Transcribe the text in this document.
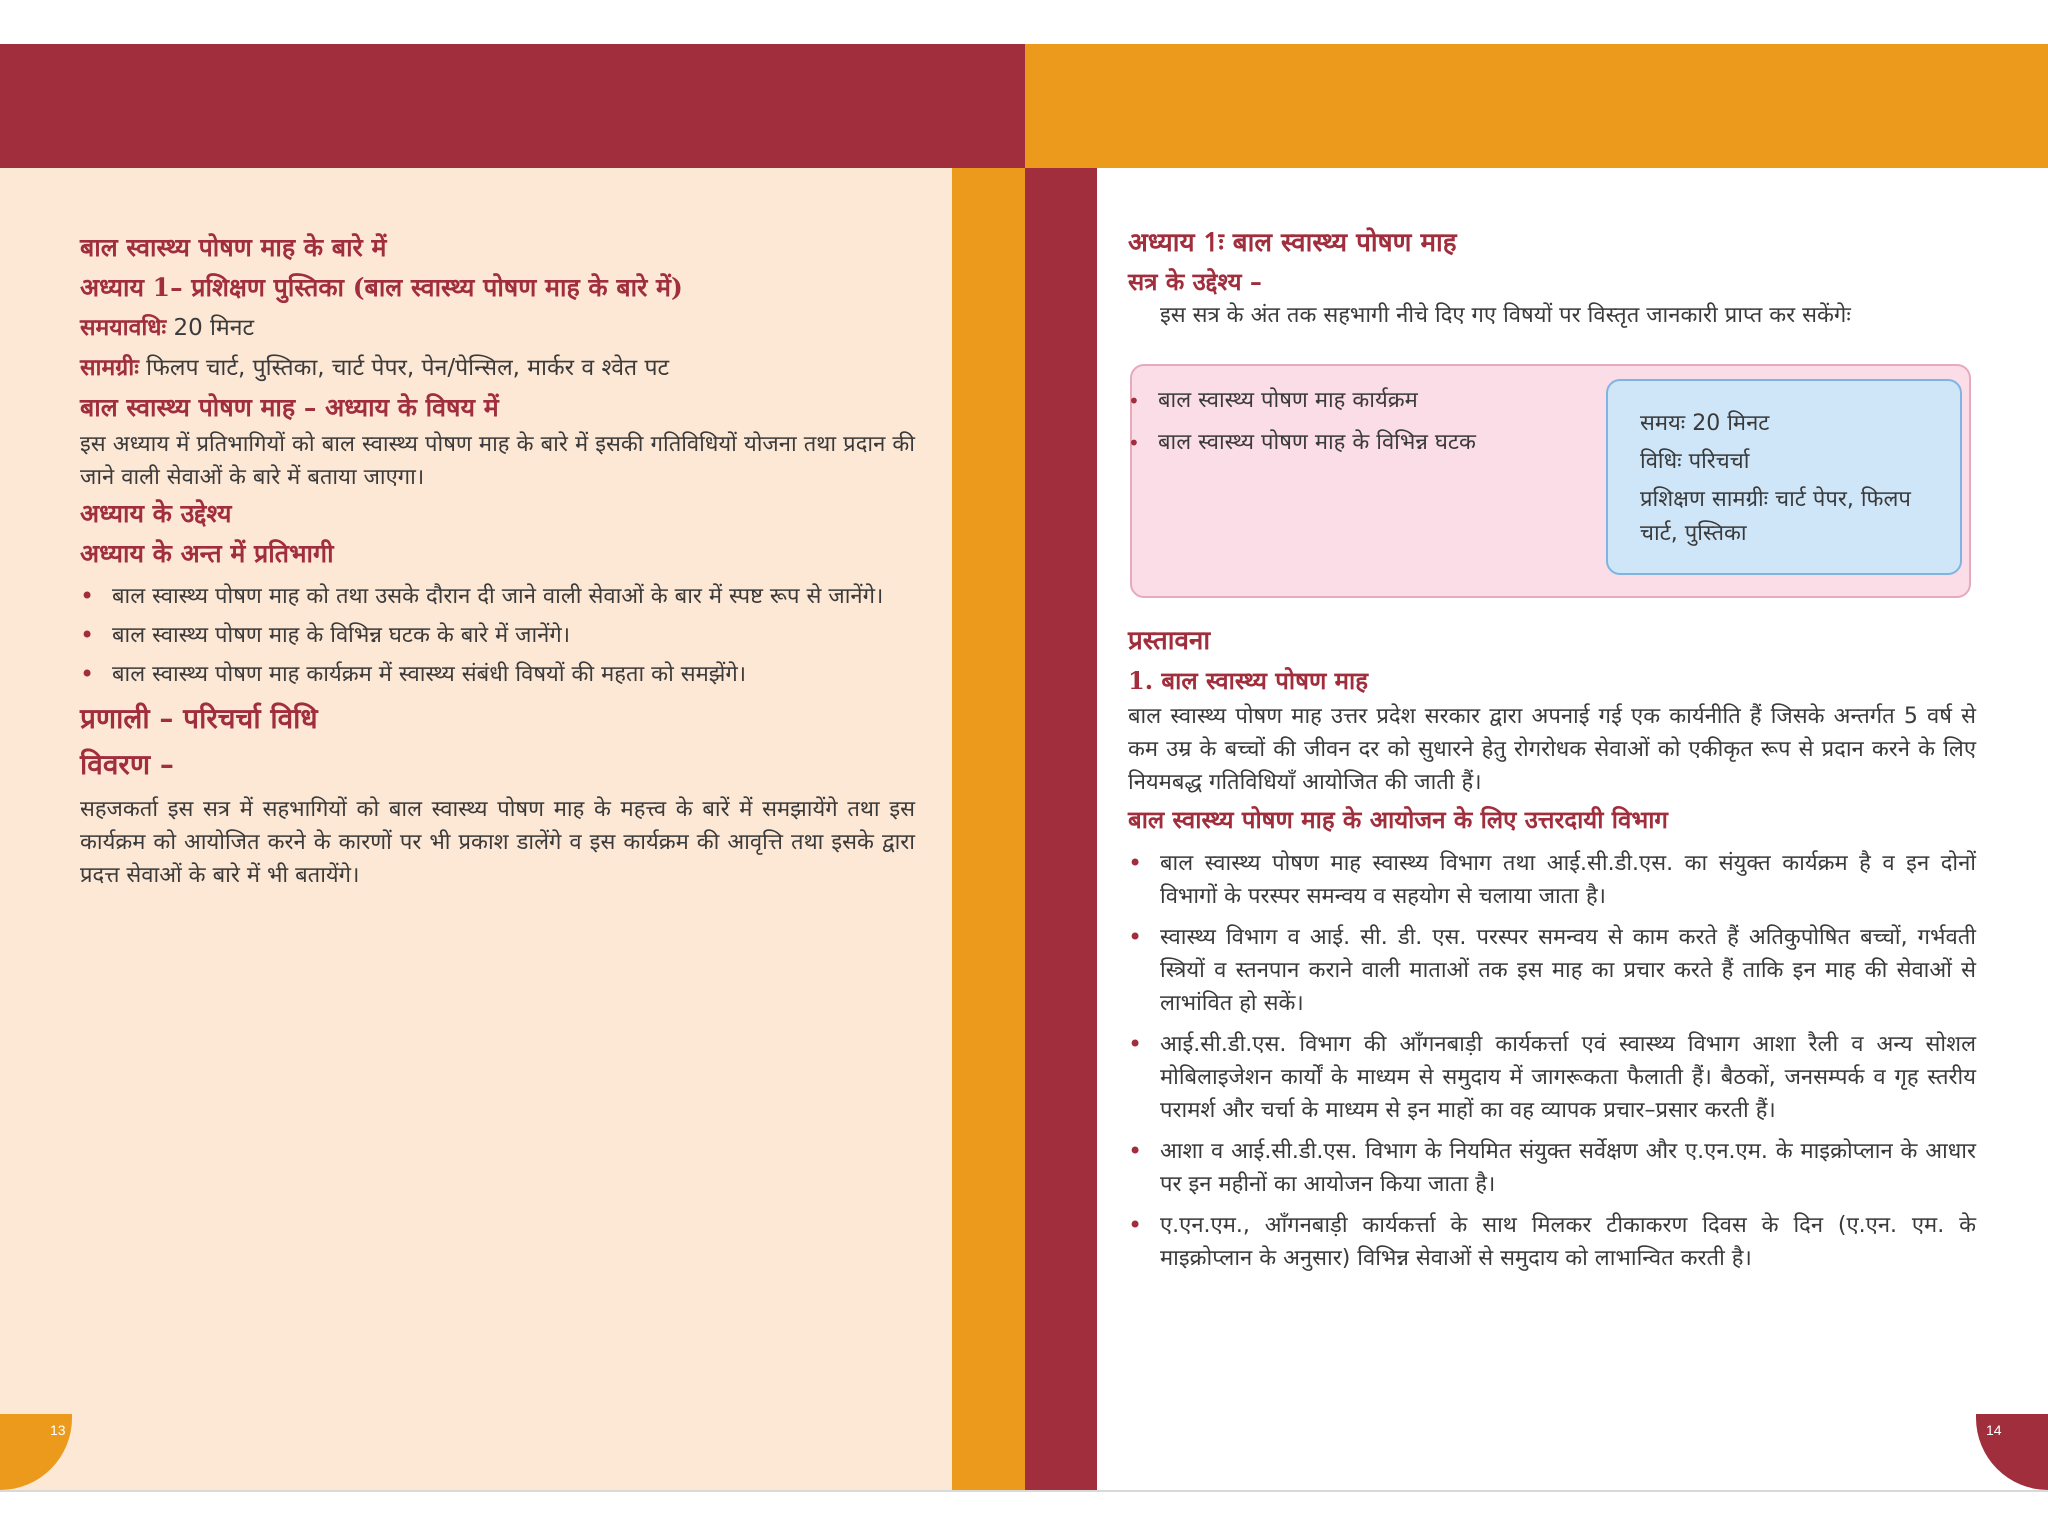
13	14
बाल स्वास्थ्य पोषण माह के बारे में
अध्याय 1– प्रशिक्षण पुस्तिका (बाल स्वास्थ्य पोषण माह के बारे में)
समयावधिः 20 मिनट
सामग्रीः फिलप चार्ट, पुस्तिका, चार्ट पेपर, पेन/पेन्सिल, मार्कर व श्वेत पट
बाल स्वास्थ्य पोषण माह – अध्याय के विषय में
इस अध्याय में प्रतिभागियों को बाल स्वास्थ्य पोषण माह के बारे में इसकी गतिविधियों योजना तथा प्रदान की जाने वाली सेवाओं के बारे में बताया जाएगा।
अध्याय के उद्देश्य
अध्याय के अन्त में प्रतिभागी
• बाल स्वास्थ्य पोषण माह को तथा उसके दौरान दी जाने वाली सेवाओं के बार में स्पष्ट रूप से जानेंगे।
• बाल स्वास्थ्य पोषण माह के विभिन्न घटक के बारे में जानेंगे।
• बाल स्वास्थ्य पोषण माह कार्यक्रम में स्वास्थ्य संबंधी विषयों की महता को समझेंगे।
प्रणाली – परिचर्चा विधि
विवरण –
सहजकर्ता इस सत्र में सहभागियों को बाल स्वास्थ्य पोषण माह के महत्त्व के बारें में समझायेंगे तथा इस कार्यक्रम को आयोजित करने के कारणों पर भी प्रकाश डालेंगे व इस कार्यक्रम की आवृत्ति तथा इसके द्वारा प्रदत्त सेवाओं के बारे में भी बतायेंगे।
अध्याय 1ः बाल स्वास्थ्य पोषण माह
सत्र के उद्देश्य –
इस सत्र के अंत तक सहभागी नीचे दिए गए विषयों पर विस्तृत जानकारी प्राप्त कर सकेंगेः
• बाल स्वास्थ्य पोषण माह कार्यक्रम
• बाल स्वास्थ्य पोषण माह के विभिन्न घटक
समयः 20 मिनट
विधिः परिचर्चा
प्रशिक्षण सामग्रीः चार्ट पेपर, फिलप चार्ट, पुस्तिका
प्रस्तावना
1. बाल स्वास्थ्य पोषण माह
बाल स्वास्थ्य पोषण माह उत्तर प्रदेश सरकार द्वारा अपनाई गई एक कार्यनीति हैं जिसके अन्तर्गत 5 वर्ष से कम उम्र के बच्चों की जीवन दर को सुधारने हेतु रोगरोधक सेवाओं को एकीकृत रूप से प्रदान करने के लिए नियमबद्ध गतिविधियाँ आयोजित की जाती हैं।
बाल स्वास्थ्य पोषण माह के आयोजन के लिए उत्तरदायी विभाग
• बाल स्वास्थ्य पोषण माह स्वास्थ्य विभाग तथा आई.सी.डी.एस. का संयुक्त कार्यक्रम है व इन दोनों विभागों के परस्पर समन्वय व सहयोग से चलाया जाता है।
• स्वास्थ्य विभाग व आई. सी. डी. एस. परस्पर समन्वय से काम करते हैं अतिकुपोषित बच्चों, गर्भवती स्त्रियों व स्तनपान कराने वाली माताओं तक इस माह का प्रचार करते हैं ताकि इन माह की सेवाओं से लाभांवित हो सकें।
• आई.सी.डी.एस. विभाग की आँगनबाड़ी कार्यकर्त्ता एवं स्वास्थ्य विभाग आशा रैली व अन्य सोशल मोबिलाइजेशन कार्यों के माध्यम से समुदाय में जागरूकता फैलाती हैं। बैठकों, जनसम्पर्क व गृह स्तरीय परामर्श और चर्चा के माध्यम से इन माहों का वह व्यापक प्रचार–प्रसार करती हैं।
• आशा व आई.सी.डी.एस. विभाग के नियमित संयुक्त सर्वेक्षण और ए.एन.एम. के माइक्रोप्लान के आधार पर इन महीनों का आयोजन किया जाता है।
• ए.एन.एम., आँगनबाड़ी कार्यकर्त्ता के साथ मिलकर टीकाकरण दिवस के दिन (ए.एन. एम. के माइक्रोप्लान के अनुसार) विभिन्न सेवाओं से समुदाय को लाभान्वित करती है।
